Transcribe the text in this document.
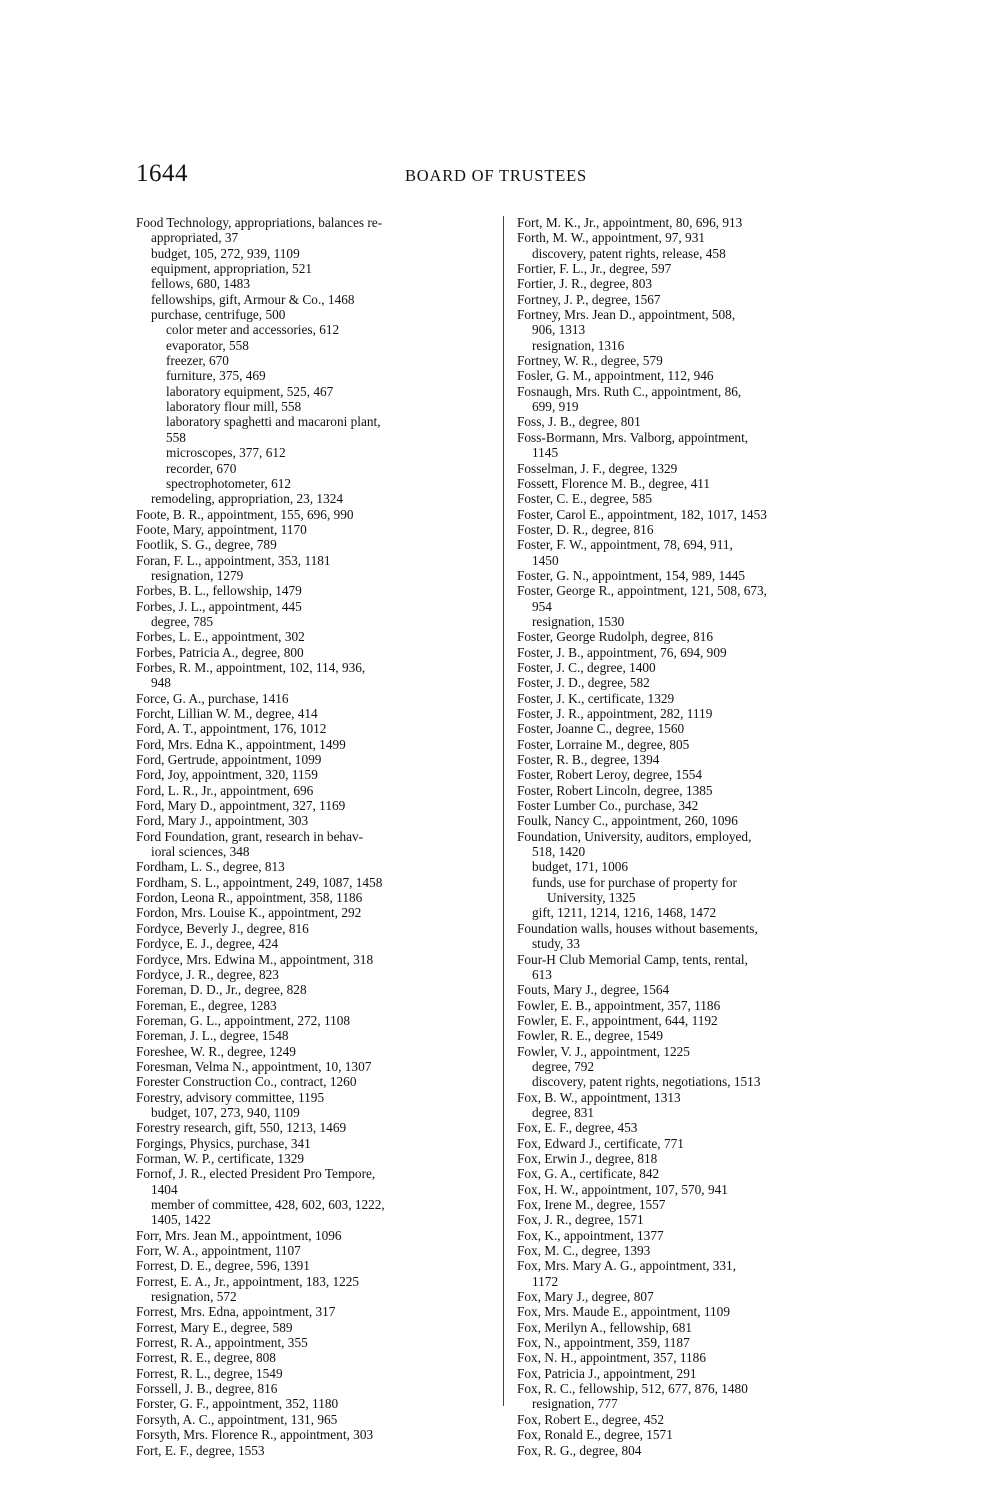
1644	BOARD OF TRUSTEES
Food Technology, appropriations, balances re-
appropriated, 37
budget, 105, 272, 939, 1109
equipment, appropriation, 521
fellows, 680, 1483
fellowships, gift, Armour & Co., 1468
purchase, centrifuge, 500
color meter and accessories, 612
evaporator, 558
freezer, 670
furniture, 375, 469
laboratory equipment, 525, 467
laboratory flour mill, 558
laboratory spaghetti and macaroni plant,
558
microscopes, 377, 612
recorder, 670
spectrophotometer, 612
remodeling, appropriation, 23, 1324
Foote, B. R., appointment, 155, 696, 990
Foote, Mary, appointment, 1170
Footlik, S. G., degree, 789
Foran, F. L., appointment, 353, 1181
resignation, 1279
Forbes, B. L., fellowship, 1479
Forbes, J. L., appointment, 445
degree, 785
Forbes, L. E., appointment, 302
Forbes, Patricia A., degree, 800
Forbes, R. M., appointment, 102, 114, 936,
948
Force, G. A., purchase, 1416
Forcht, Lillian W. M., degree, 414
Ford, A. T., appointment, 176, 1012
Ford, Mrs. Edna K., appointment, 1499
Ford, Gertrude, appointment, 1099
Ford, Joy, appointment, 320, 1159
Ford, L. R., Jr., appointment, 696
Ford, Mary D., appointment, 327, 1169
Ford, Mary J., appointment, 303
Ford Foundation, grant, research in behav-
ioral sciences, 348
Fordham, L. S., degree, 813
Fordham, S. L., appointment, 249, 1087, 1458
Fordon, Leona R., appointment, 358, 1186
Fordon, Mrs. Louise K., appointment, 292
Fordyce, Beverly J., degree, 816
Fordyce, E. J., degree, 424
Fordyce, Mrs. Edwina M., appointment, 318
Fordyce, J. R., degree, 823
Foreman, D. D., Jr., degree, 828
Foreman, E., degree, 1283
Foreman, G. L., appointment, 272, 1108
Foreman, J. L., degree, 1548
Foreshee, W. R., degree, 1249
Foresman, Velma N., appointment, 10, 1307
Forester Construction Co., contract, 1260
Forestry, advisory committee, 1195
budget, 107, 273, 940, 1109
Forestry research, gift, 550, 1213, 1469
Forgings, Physics, purchase, 341
Forman, W. P., certificate, 1329
Fornof, J. R., elected President Pro Tempore,
1404
member of committee, 428, 602, 603, 1222,
1405, 1422
Forr, Mrs. Jean M., appointment, 1096
Forr, W. A., appointment, 1107
Forrest, D. E., degree, 596, 1391
Forrest, E. A., Jr., appointment, 183, 1225
resignation, 572
Forrest, Mrs. Edna, appointment, 317
Forrest, Mary E., degree, 589
Forrest, R. A., appointment, 355
Forrest, R. E., degree, 808
Forrest, R. L., degree, 1549
Forssell, J. B., degree, 816
Forster, G. F., appointment, 352, 1180
Forsyth, A. C., appointment, 131, 965
Forsyth, Mrs. Florence R., appointment, 303
Fort, E. F., degree, 1553
Fort, M. K., Jr., appointment, 80, 696, 913
Forth, M. W., appointment, 97, 931
discovery, patent rights, release, 458
Fortier, F. L., Jr., degree, 597
Fortier, J. R., degree, 803
Fortney, J. P., degree, 1567
Fortney, Mrs. Jean D., appointment, 508,
906, 1313
resignation, 1316
Fortney, W. R., degree, 579
Fosler, G. M., appointment, 112, 946
Fosnaugh, Mrs. Ruth C., appointment, 86,
699, 919
Foss, J. B., degree, 801
Foss-Bormann, Mrs. Valborg, appointment,
1145
Fosselman, J. F., degree, 1329
Fossett, Florence M. B., degree, 411
Foster, C. E., degree, 585
Foster, Carol E., appointment, 182, 1017, 1453
Foster, D. R., degree, 816
Foster, F. W., appointment, 78, 694, 911,
1450
Foster, G. N., appointment, 154, 989, 1445
Foster, George R., appointment, 121, 508, 673,
954
resignation, 1530
Foster, George Rudolph, degree, 816
Foster, J. B., appointment, 76, 694, 909
Foster, J. C., degree, 1400
Foster, J. D., degree, 582
Foster, J. K., certificate, 1329
Foster, J. R., appointment, 282, 1119
Foster, Joanne C., degree, 1560
Foster, Lorraine M., degree, 805
Foster, R. B., degree, 1394
Foster, Robert Leroy, degree, 1554
Foster, Robert Lincoln, degree, 1385
Foster Lumber Co., purchase, 342
Foulk, Nancy C., appointment, 260, 1096
Foundation, University, auditors, employed,
518, 1420
budget, 171, 1006
funds, use for purchase of property for
University, 1325
gift, 1211, 1214, 1216, 1468, 1472
Foundation walls, houses without basements,
study, 33
Four-H Club Memorial Camp, tents, rental,
613
Fouts, Mary J., degree, 1564
Fowler, E. B., appointment, 357, 1186
Fowler, E. F., appointment, 644, 1192
Fowler, R. E., degree, 1549
Fowler, V. J., appointment, 1225
degree, 792
discovery, patent rights, negotiations, 1513
Fox, B. W., appointment, 1313
degree, 831
Fox, E. F., degree, 453
Fox, Edward J., certificate, 771
Fox, Erwin J., degree, 818
Fox, G. A., certificate, 842
Fox, H. W., appointment, 107, 570, 941
Fox, Irene M., degree, 1557
Fox, J. R., degree, 1571
Fox, K., appointment, 1377
Fox, M. C., degree, 1393
Fox, Mrs. Mary A. G., appointment, 331,
1172
Fox, Mary J., degree, 807
Fox, Mrs. Maude E., appointment, 1109
Fox, Merilyn A., fellowship, 681
Fox, N., appointment, 359, 1187
Fox, N. H., appointment, 357, 1186
Fox, Patricia J., appointment, 291
Fox, R. C., fellowship, 512, 677, 876, 1480
resignation, 777
Fox, Robert E., degree, 452
Fox, Ronald E., degree, 1571
Fox, R. G., degree, 804
